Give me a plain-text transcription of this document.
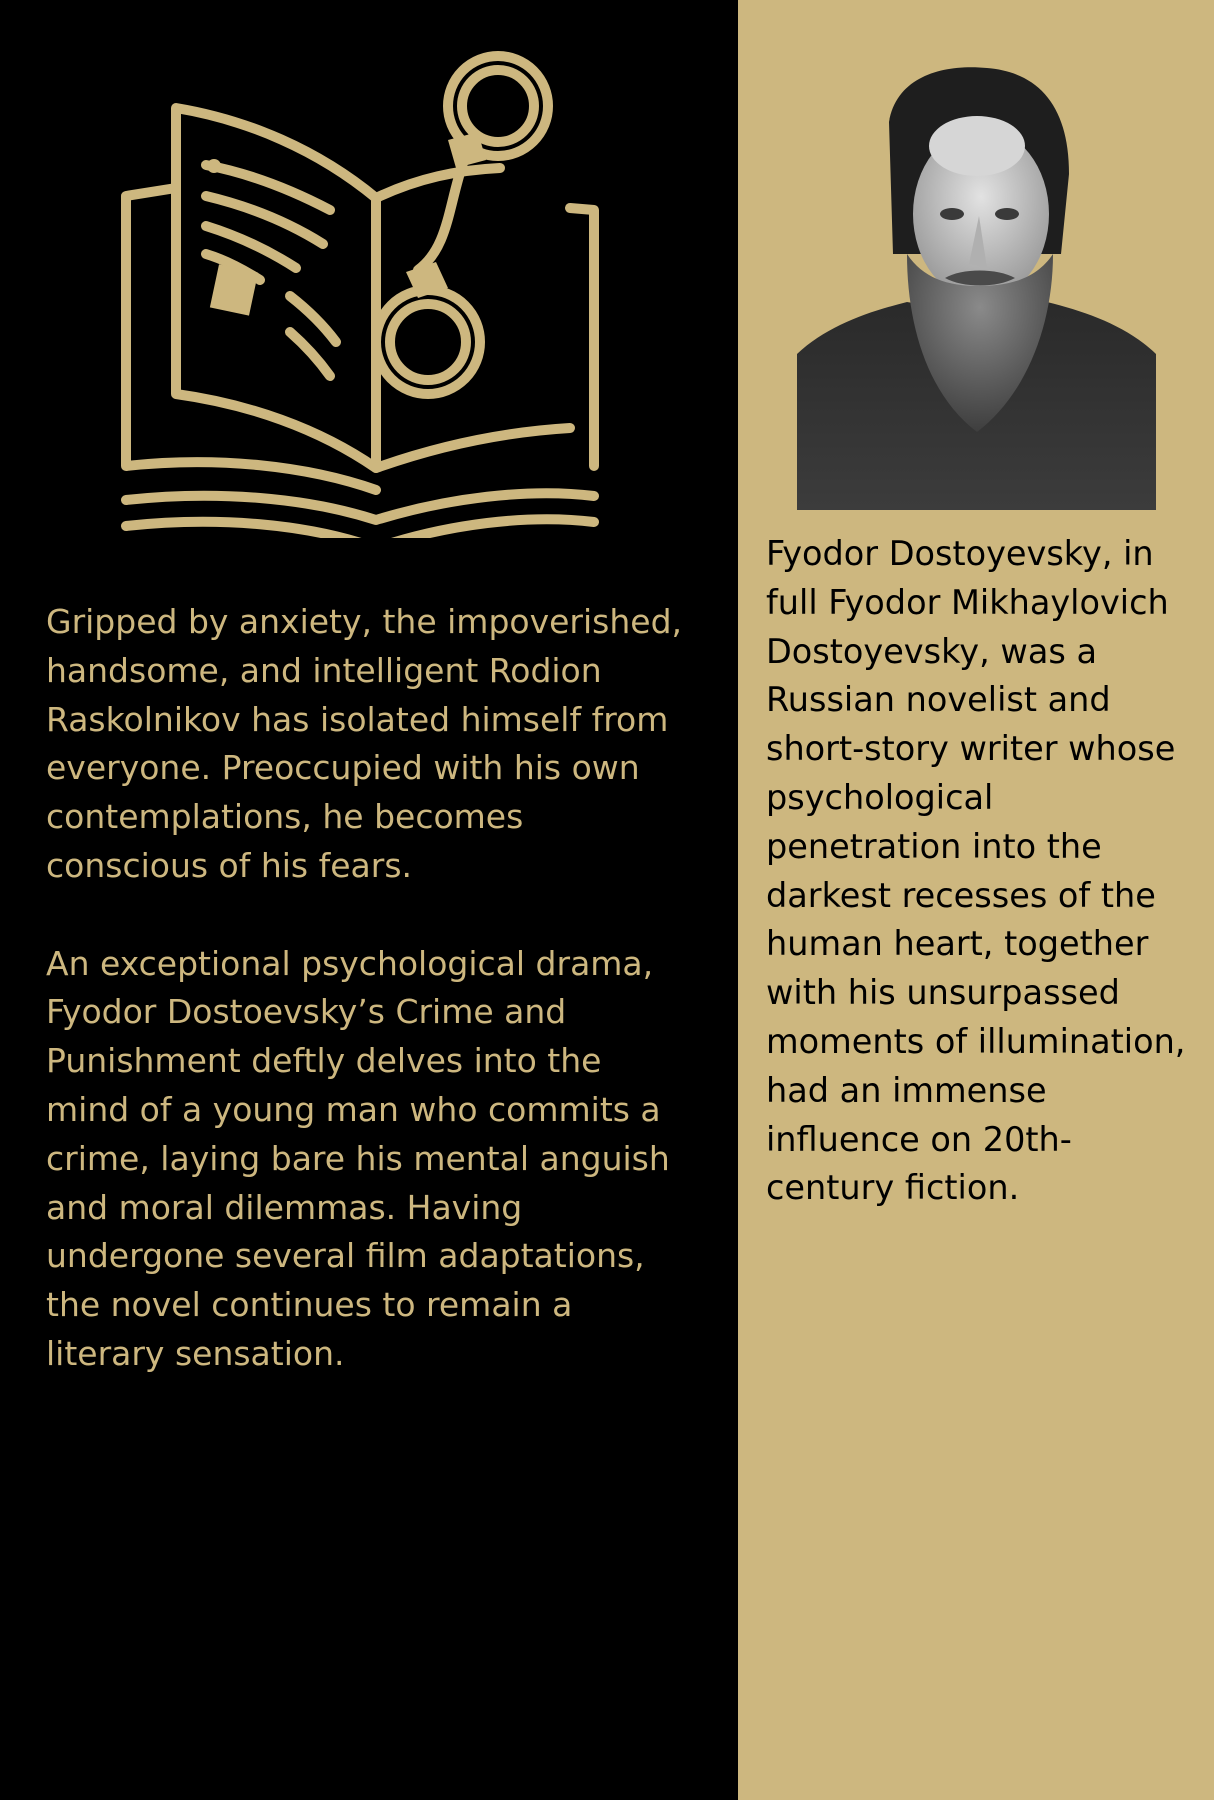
Gripped by anxiety, the impoverished,
handsome, and intelligent Rodion
Raskolnikov has isolated himself from
everyone. Preoccupied with his own
contemplations, he becomes
conscious of his fears.

An exceptional psychological drama,
Fyodor Dostoevsky’s Crime and
Punishment deftly delves into the
mind of a young man who commits a
crime, laying bare his mental anguish
and moral dilemmas. Having
undergone several film adaptations,
the novel continues to remain a
literary sensation.

Fyodor Dostoyevsky, in
full Fyodor Mikhaylovich
Dostoyevsky, was a
Russian novelist and
short-story writer whose
psychological
penetration into the
darkest recesses of the
human heart, together
with his unsurpassed
moments of illumination,
had an immense
influence on 20th-
century fiction.
